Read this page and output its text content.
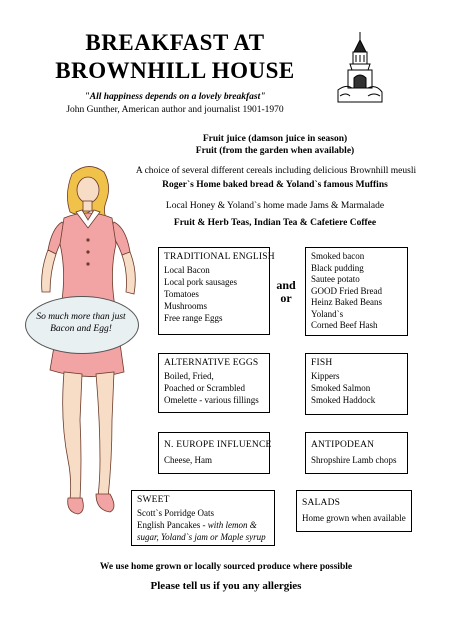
BREAKFAST AT
BROWNHILL HOUSE
"All happiness depends on a lovely breakfast"
John Gunther, American author and journalist 1901-1970
Fruit juice (damson juice in season)
Fruit (from the garden when available)
A choice of several different cereals including delicious Brownhill meusli
Roger`s Home baked bread & Yoland`s famous Muffins
Local Honey & Yoland`s home made Jams & Marmalade
Fruit & Herb Teas, Indian Tea & Cafetiere Coffee
So much more than just
Bacon and Egg!
TRADITIONAL ENGLISH
Local Bacon
Local pork sausages
Tomatoes
Mushrooms
Free range Eggs
and
or
Smoked bacon
Black pudding
Sautee potato
GOOD Fried Bread
Heinz Baked Beans
Yoland`s
Corned Beef Hash
ALTERNATIVE EGGS
Boiled, Fried,
Poached or Scrambled
Omelette - various fillings
FISH
Kippers
Smoked Salmon
Smoked Haddock
N. EUROPE INFLUENCE
Cheese, Ham
ANTIPODEAN
Shropshire Lamb chops
SWEET
Scott`s Porridge Oats
English Pancakes - with lemon &
sugar, Yoland`s jam or Maple syrup
SALADS
Home grown when available
We use home grown or locally sourced produce where possible
Please tell us if you any allergies
